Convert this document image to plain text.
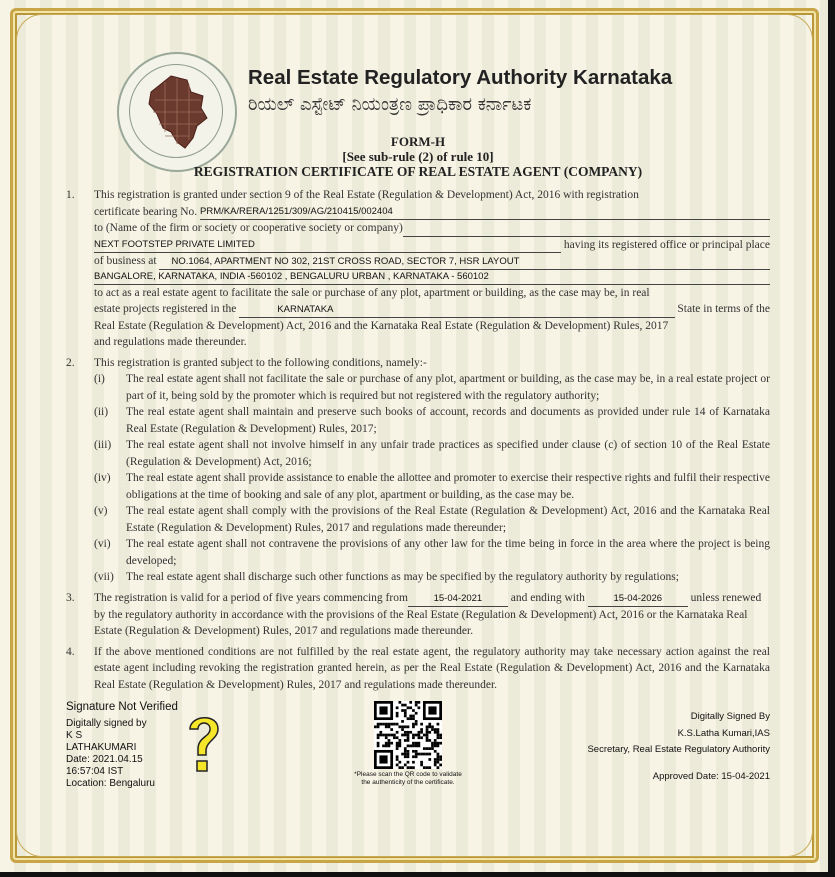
Real Estate Regulatory Authority Karnataka
ರಿಯಲ್ ಎಸ್ಟೇಟ್ ನಿಯಂತ್ರಣ ಪ್ರಾಧಿಕಾರ ಕರ್ನಾಟಕ
FORM-H
[See sub-rule (2) of rule 10]
REGISTRATION CERTIFICATE OF REAL ESTATE AGENT (COMPANY)
1.	This registration is granted under section 9 of the Real Estate (Regulation & Development) Act, 2016 with registration
certificate bearing No.
PRM/KA/RERA/1251/309/AG/210415/002404
to (Name of the firm or society or cooperative society or company)
NEXT FOOTSTEP PRIVATE LIMITED
	having its registered office or principal place
of business at
	NO.1064, APARTMENT NO 302, 21ST CROSS ROAD, SECTOR 7, HSR LAYOUT
BANGALORE, KARNATAKA, INDIA -560102 , BENGALURU URBAN , KARNATAKA - 560102
to act as a real estate agent to facilitate the sale or purchase of any plot, apartment or building, as the case may be, in real
estate projects registered in the
	KARNATAKA
	State in terms of the
Real Estate (Regulation & Development) Act, 2016 and the Karnataka Real Estate (Regulation & Development) Rules, 2017
and regulations made thereunder.
2.	This registration is granted subject to the following conditions, namely:-
(i)	The real estate agent shall not facilitate the sale or purchase of any plot, apartment or building, as the case may be, in a real estate project or part of it, being sold by the promoter which is required but not registered with the regulatory authority;
(ii)	The real estate agent shall maintain and preserve such books of account, records and documents as provided under rule 14 of Karnataka Real Estate (Regulation & Development) Rules, 2017;
(iii)	The real estate agent shall not involve himself in any unfair trade practices as specified under clause (c) of section 10 of the Real Estate (Regulation & Development) Act, 2016;
(iv)	The real estate agent shall provide assistance to enable the allottee and promoter to exercise their respective rights and fulfil their respective obligations at the time of booking and sale of any plot, apartment or building, as the case may be.
(v)	The real estate agent shall comply with the provisions of the Real Estate (Regulation & Development) Act, 2016 and the Karnataka Real Estate (Regulation & Development) Rules, 2017 and regulations made thereunder;
(vi)	The real estate agent shall not contravene the provisions of any other law for the time being in force in the area where the project is being developed;
(vii)	The real estate agent shall discharge such other functions as may be specified by the regulatory authority by regulations;
3.	The registration is valid for a period of five years commencing from	15-04-2021 and ending with	15-04-2026 unless renewed by the regulatory authority in accordance with the provisions of the Real Estate (Regulation & Development) Act, 2016 or the Karnataka Real Estate (Regulation & Development) Rules, 2017 and regulations made thereunder.
4.	If the above mentioned conditions are not fulfilled by the real estate agent, the regulatory authority may take necessary action against the real estate agent including revoking the registration granted herein, as per the Real Estate (Regulation & Development) Act, 2016 and the Karnataka Real Estate (Regulation & Development) Rules, 2017 and regulations made thereunder.
Signature Not Verified
Digitally signed by
K S
LATHAKUMARI
Date: 2021.04.15
16:57:04 IST
Location: Bengaluru
*Please scan the QR code to validate
the authenticity of the certificate.
Digitally Signed By
K.S.Latha Kumari,IAS
Secretary, Real Estate Regulatory Authority
Approved Date: 15-04-2021
